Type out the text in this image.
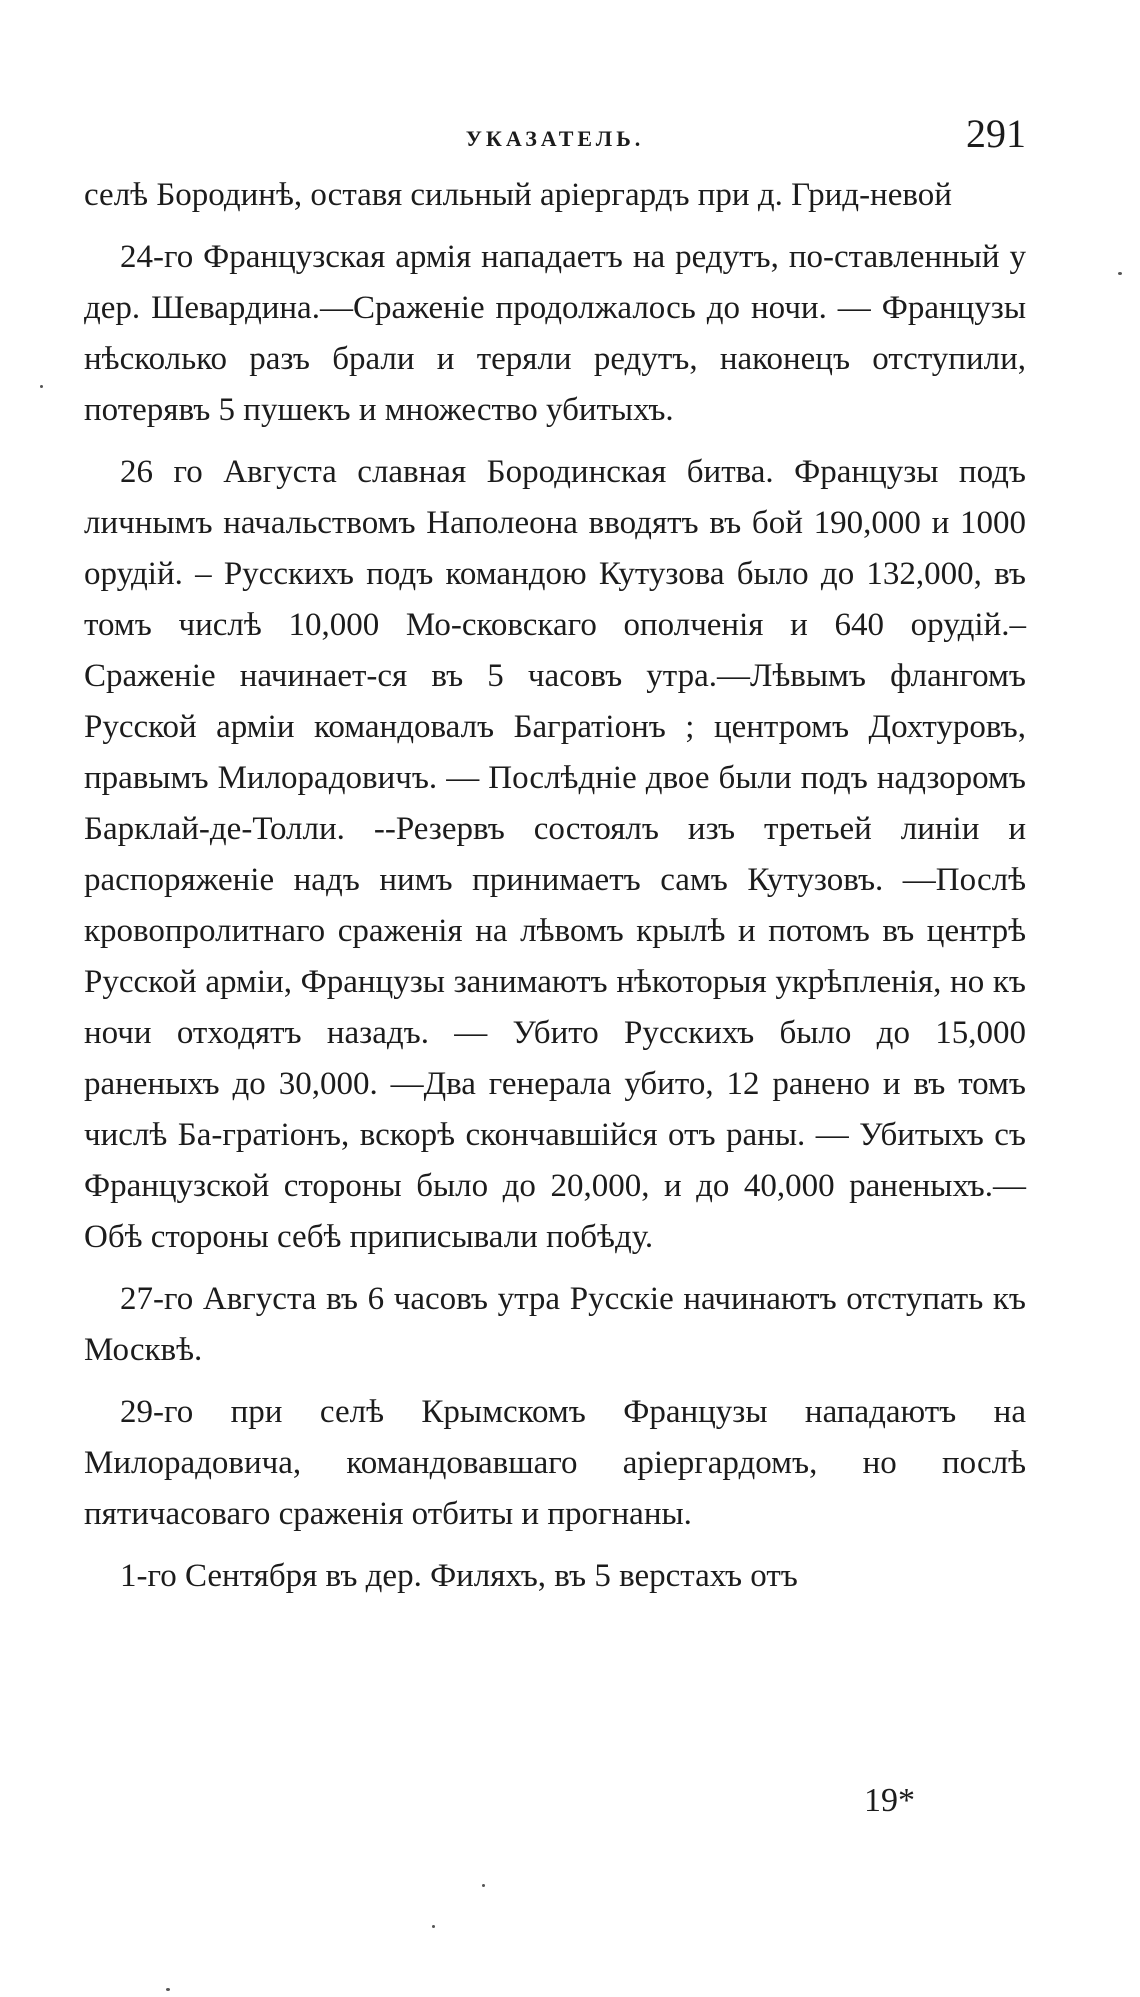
УКАЗАТЕЛЬ.	291

селѣ Бородинѣ, оставя сильный аріергардъ при д. Грид-невой

24-го Французская армія нападаетъ на редутъ, по-ставленный у дер. Шевардина.—Сраженіе продолжалось до ночи. — Французы нѣсколько разъ брали и теряли редутъ, наконецъ отступили, потерявъ 5 пушекъ и множество убитыхъ.

26 го Августа славная Бородинская битва. Французы подъ личнымъ начальствомъ Наполеона вводятъ въ бой 190,000 и 1000 орудій. – Русскихъ подъ командою Кутузова было до 132,000, въ томъ числѣ 10,000 Мо-сковскаго ополченія и 640 орудій.–Сраженіе начинает-ся въ 5 часовъ утра.—Лѣвымъ флангомъ Русской арміи командовалъ Багратіонъ ; центромъ Дохтуровъ, правымъ Милорадовичъ. — Послѣдніе двое были подъ надзоромъ Барклай-де-Толли. --Резервъ состоялъ изъ третьей линіи и распоряженіе надъ нимъ принимаетъ самъ Кутузовъ. —Послѣ кровопролитнаго сраженія на лѣвомъ крылѣ и потомъ въ центрѣ Русской арміи, Французы занимаютъ нѣкоторыя укрѣпленія, но къ ночи отходятъ назадъ. — Убито Русскихъ было до 15,000 раненыхъ до 30,000. —Два генерала убито, 12 ранено и въ томъ числѣ Ба-гратіонъ, вскорѣ скончавшійся отъ раны. — Убитыхъ съ Французской стороны было до 20,000, и до 40,000 раненыхъ.—Обѣ стороны себѣ приписывали побѣду.

27-го Августа въ 6 часовъ утра Русскіе начинаютъ отступать къ Москвѣ.

29-го при селѣ Крымскомъ Французы нападаютъ на Милорадовича, командовавшаго аріергардомъ, но послѣ пятичасоваго сраженія отбиты и прогнаны.

1-го Сентября въ дер. Филяхъ, въ 5 верстахъ отъ

19*
